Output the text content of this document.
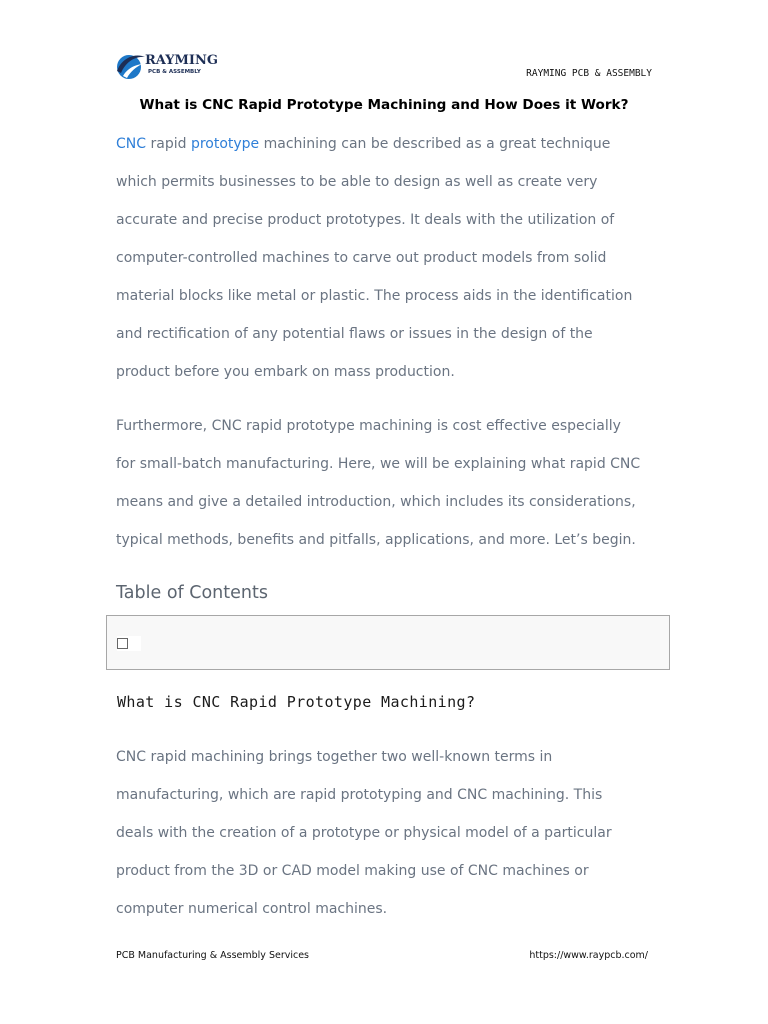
RAYMING
PCB & ASSEMBLY	RAYMING PCB & ASSEMBLY
What is CNC Rapid Prototype Machining and How Does it Work?
CNC rapid prototype machining can be described as a great technique
which permits businesses to be able to design as well as create very
accurate and precise product prototypes. It deals with the utilization of
computer-controlled machines to carve out product models from solid
material blocks like metal or plastic. The process aids in the identification
and rectification of any potential flaws or issues in the design of the
product before you embark on mass production.
Furthermore, CNC rapid prototype machining is cost effective especially
for small-batch manufacturing. Here, we will be explaining what rapid CNC
means and give a detailed introduction, which includes its considerations,
typical methods, benefits and pitfalls, applications, and more. Let’s begin.
Table of Contents
What is CNC Rapid Prototype Machining?
CNC rapid machining brings together two well-known terms in
manufacturing, which are rapid prototyping and CNC machining. This
deals with the creation of a prototype or physical model of a particular
product from the 3D or CAD model making use of CNC machines or
computer numerical control machines.
PCB Manufacturing & Assembly Services	https://www.raypcb.com/
